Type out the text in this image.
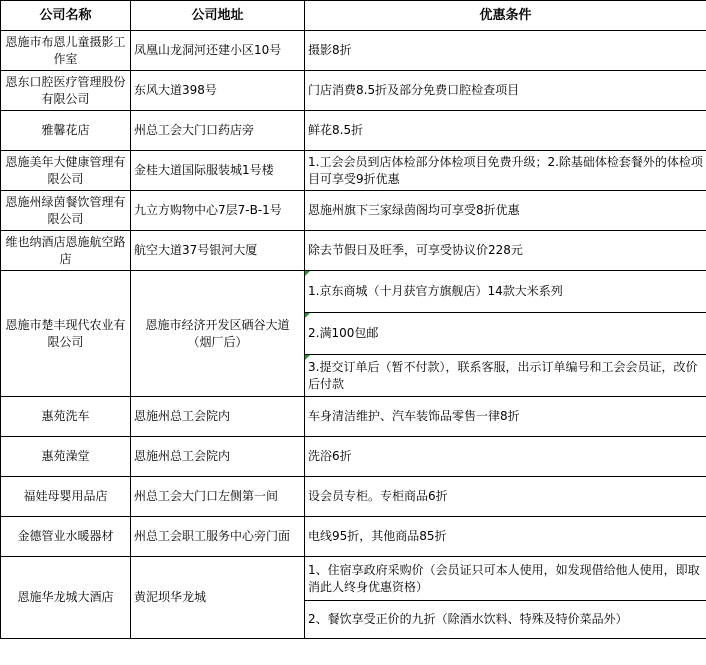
公司名称	公司地址	优惠条件
恩施市布恩儿童摄影工作室	凤凰山龙洞河还建小区10号	摄影8折
恩东口腔医疗管理股份有限公司	东风大道398号	门店消费8.5折及部分免费口腔检查项目
雅馨花店	州总工会大门口药店旁	鲜花8.5折
恩施美年大健康管理有限公司	金桂大道国际服装城1号楼	1.工会会员到店体检部分体检项目免费升级；2.除基础体检套餐外的体检项目可享受9折优惠
恩施州绿茵餐饮管理有限公司	九立方购物中心7层7-B-1号	恩施州旗下三家绿茵阁均可享受8折优惠
维也纳酒店恩施航空路店	航空大道37号银河大厦	除去节假日及旺季，可享受协议价228元
恩施市楚丰现代农业有限公司	恩施市经济开发区硒谷大道（烟厂后）	1.京东商城（十月获官方旗舰店）14款大米系列
		2.满100包邮
		3.提交订单后（暂不付款），联系客服，出示订单编号和工会会员证，改价后付款
惠苑洗车	恩施州总工会院内	车身清洁维护、汽车装饰品零售一律8折
惠苑澡堂	恩施州总工会院内	洗浴6折
福娃母婴用品店	州总工会大门口左侧第一间	设会员专柜。专柜商品6折
金德管业水暖器材	州总工会职工服务中心旁门面	电线95折，其他商品85折
恩施华龙城大酒店	黄泥坝华龙城	1、住宿享政府采购价（会员证只可本人使用，如发现借给他人使用，即取消此人终身优惠资格）
		2、餐饮享受正价的九折（除酒水饮料、特殊及特价菜品外）
